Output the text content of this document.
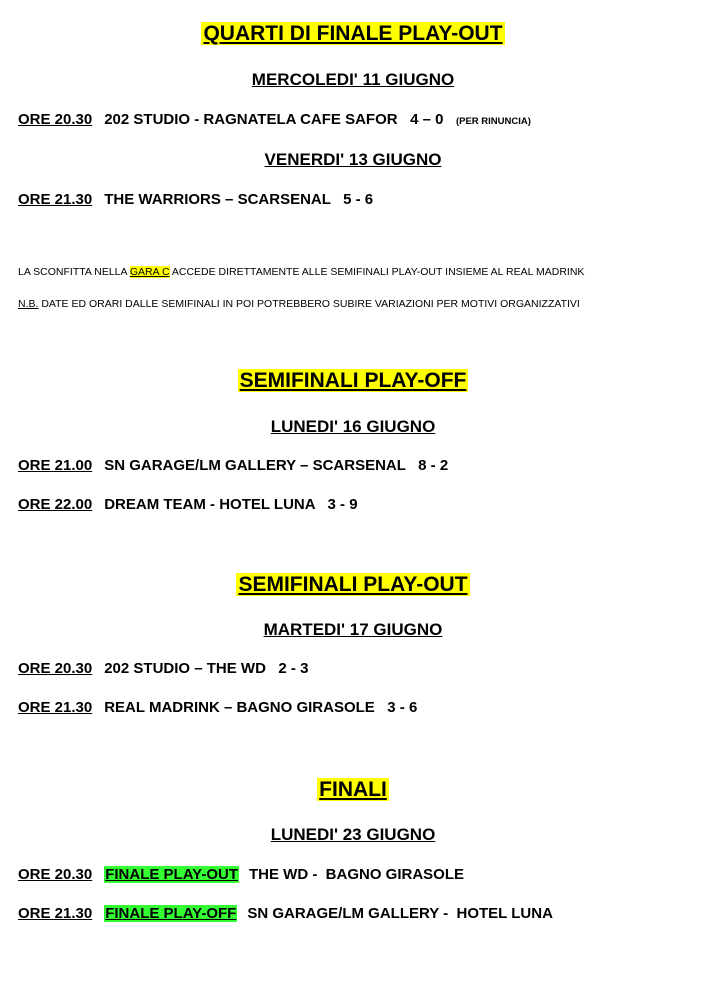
QUARTI DI FINALE PLAY-OUT
MERCOLEDI' 11 GIUGNO
ORE 20.30 202 STUDIO - RAGNATELA CAFE SAFOR   4 – 0 (PER RINUNCIA)
VENERDI' 13 GIUGNO
ORE 21.30 THE WARRIORS – SCARSENAL   5 - 6
LA SCONFITTA NELLA GARA C ACCEDE DIRETTAMENTE ALLE SEMIFINALI PLAY-OUT INSIEME AL REAL MADRINK
N.B. DATE ED ORARI DALLE SEMIFINALI IN POI POTREBBERO SUBIRE VARIAZIONI PER MOTIVI ORGANIZZATIVI
SEMIFINALI PLAY-OFF
LUNEDI' 16 GIUGNO
ORE 21.00 SN GARAGE/LM GALLERY – SCARSENAL   8 - 2
ORE 22.00 DREAM TEAM - HOTEL LUNA   3 - 9
SEMIFINALI PLAY-OUT
MARTEDI' 17 GIUGNO
ORE 20.30 202 STUDIO – THE WD   2 - 3
ORE 21.30 REAL MADRINK – BAGNO GIRASOLE   3 - 6
FINALI
LUNEDI' 23 GIUGNO
ORE 20.30 FINALE PLAY-OUT THE WD -  BAGNO GIRASOLE
ORE 21.30 FINALE PLAY-OFF SN GARAGE/LM GALLERY -  HOTEL LUNA
